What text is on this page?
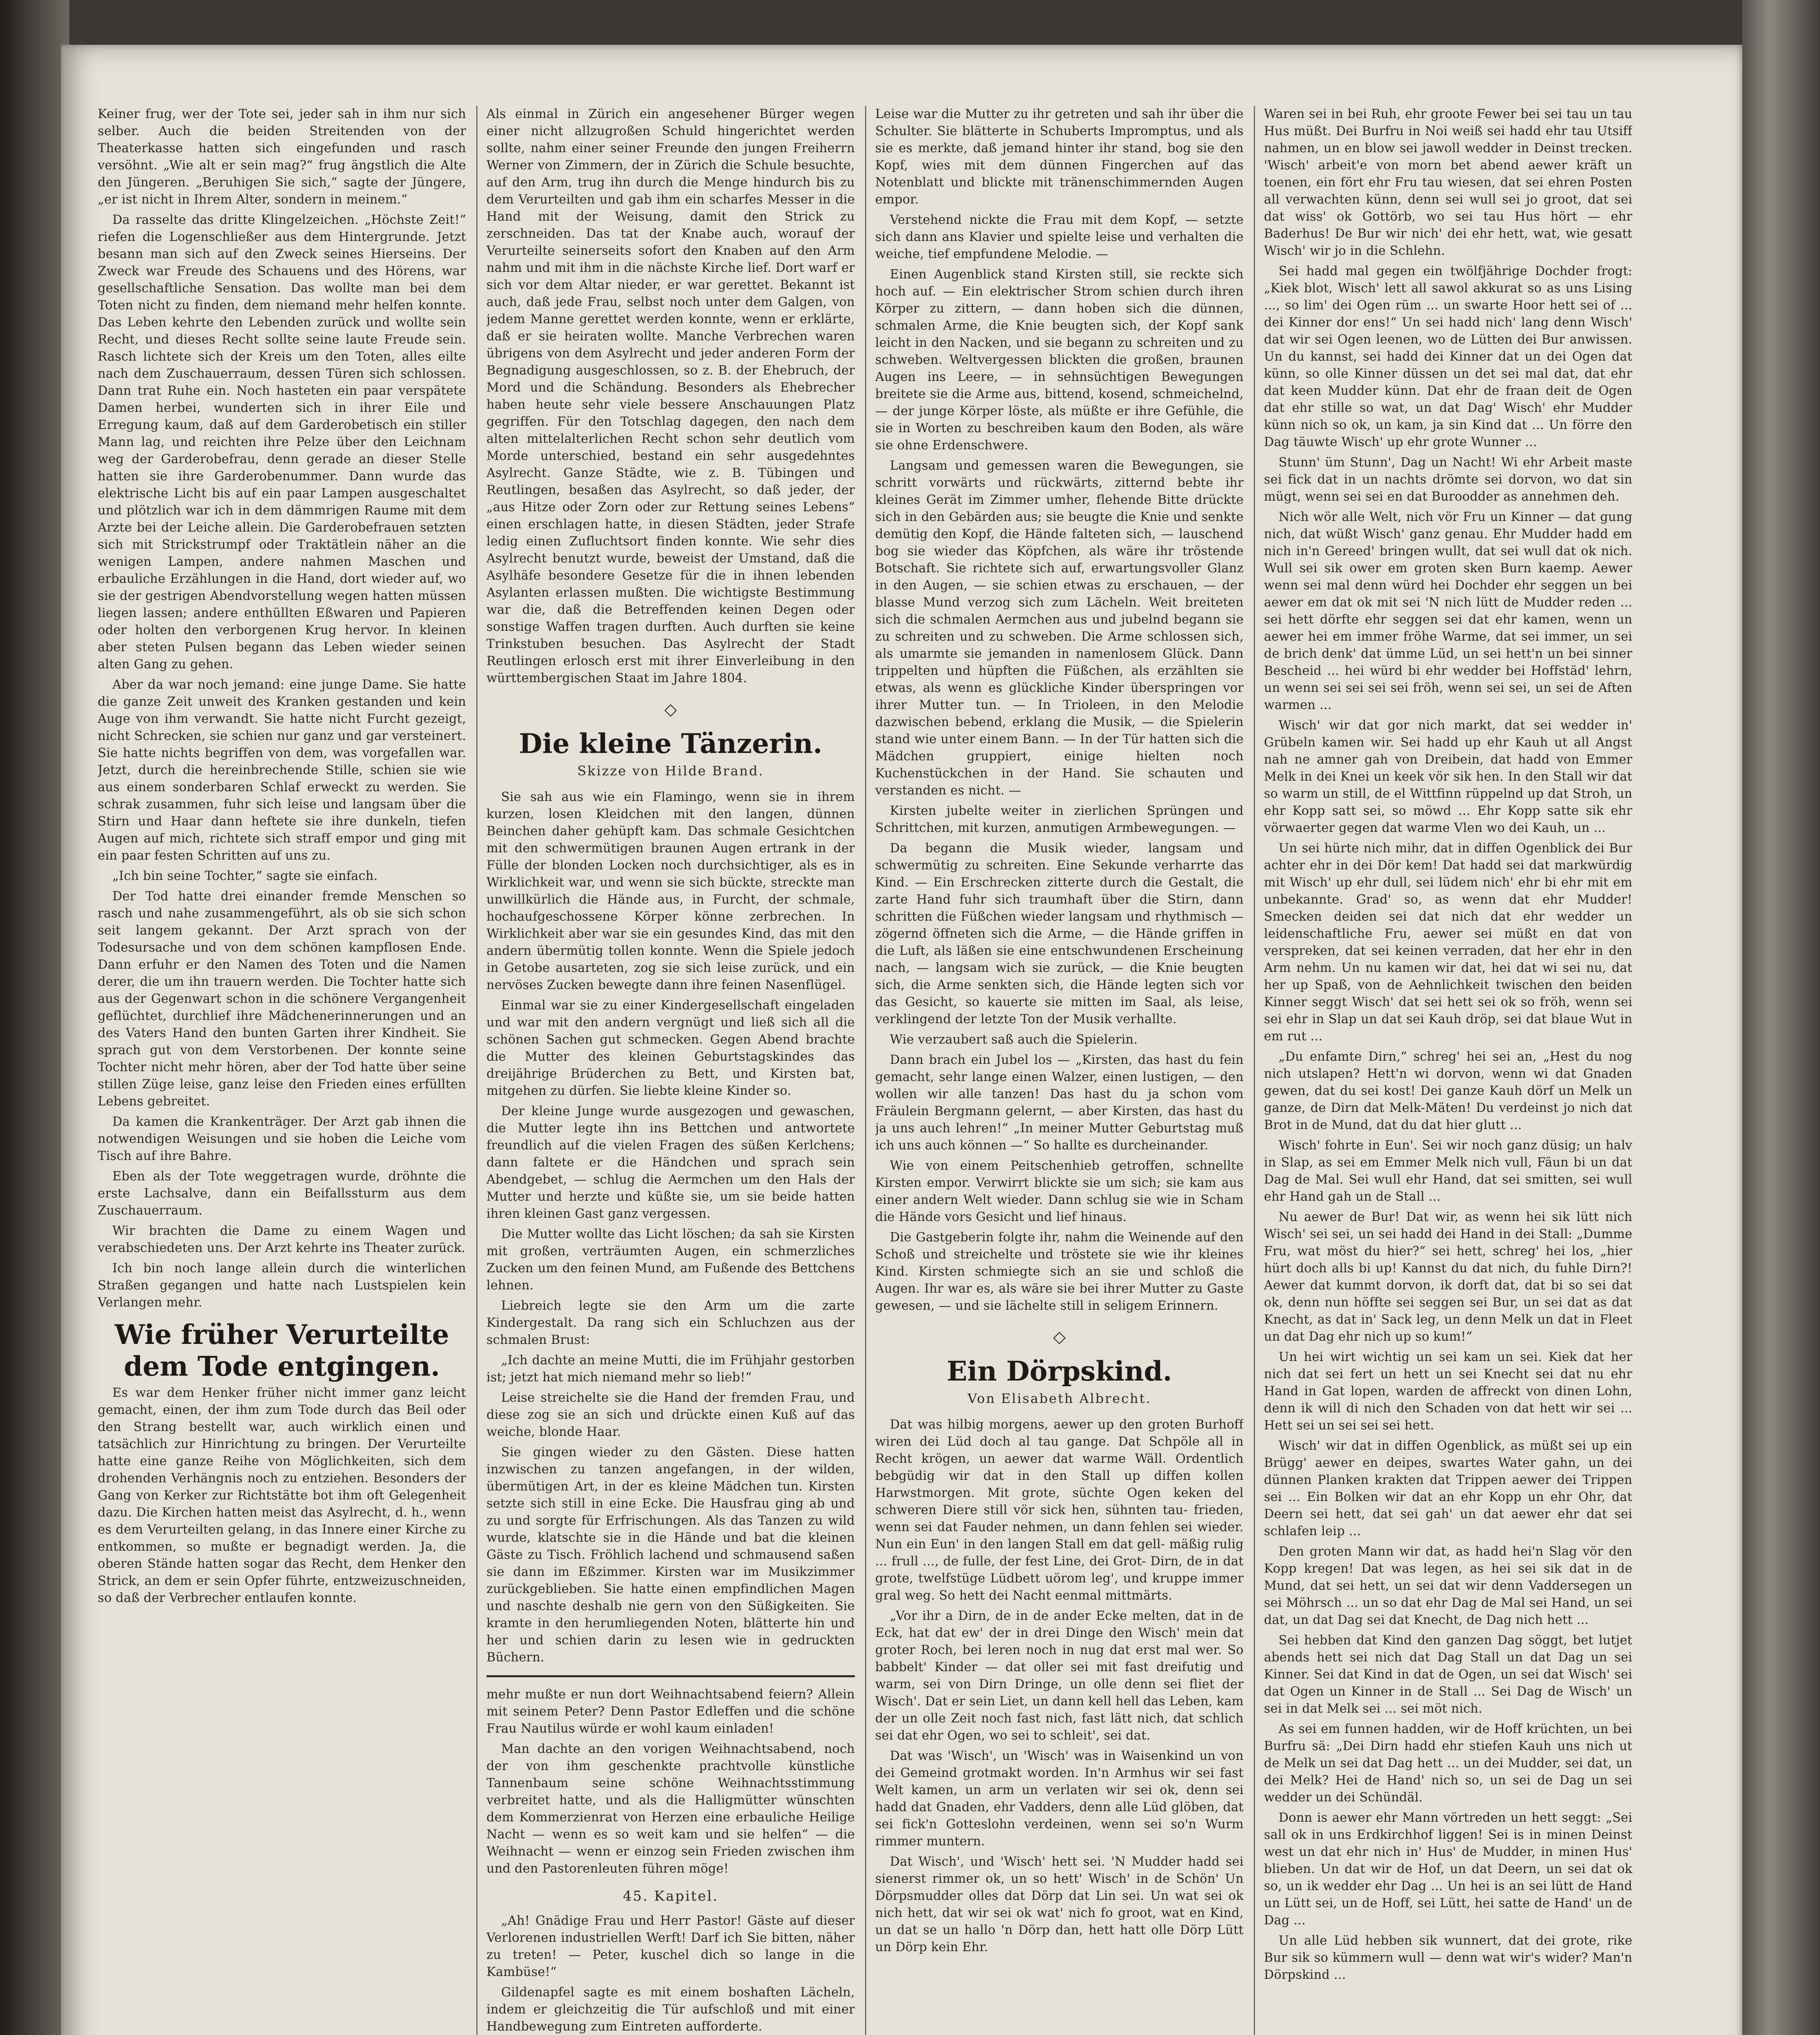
Keiner frug, wer der Tote sei, jeder sah in ihm nur sich selber. Auch die beiden Streitenden von der Theaterkasse hatten sich eingefunden und rasch versöhnt. „Wie alt er sein mag?“ frug ängstlich die Alte den Jüngeren. „Beruhigen Sie sich,“ sagte der Jüngere, „er ist nicht in Ihrem Alter, sondern in meinem.“

Da rasselte das dritte Klingelzeichen. „Höchste Zeit!“ riefen die Logenschließer aus dem Hintergrunde. Jetzt besann man sich auf den Zweck seines Hierseins. Der Zweck war Freude des Schauens und des Hörens, war gesellschaftliche Sensation. Das wollte man bei dem Toten nicht zu finden, dem niemand mehr helfen konnte. Das Leben kehrte den Lebenden zurück und wollte sein Recht, und dieses Recht sollte seine laute Freude sein. Rasch lichtete sich der Kreis um den Toten, alles eilte nach dem Zuschauerraum, dessen Türen sich schlossen. Dann trat Ruhe ein. Noch hasteten ein paar verspätete Damen herbei, wunderten sich in ihrer Eile und Erregung kaum, daß auf dem Garderobetisch ein stiller Mann lag, und reichten ihre Pelze über den Leichnam weg der Garderobefrau, denn gerade an dieser Stelle hatten sie ihre Garderobenummer. Dann wurde das elektrische Licht bis auf ein paar Lampen ausgeschaltet und plötzlich war ich in dem dämmrigen Raume mit dem Arzte bei der Leiche allein. Die Garderobefrauen setzten sich mit Strickstrumpf oder Traktätlein näher an die wenigen Lampen, andere nahmen Maschen und erbauliche Erzählungen in die Hand, dort wieder auf, wo sie der gestrigen Abendvorstellung wegen hatten müssen liegen lassen; andere enthüllten Eßwaren und Papieren oder holten den verborgenen Krug hervor. In kleinen aber steten Pulsen begann das Leben wieder seinen alten Gang zu gehen.

Aber da war noch jemand: eine junge Dame. Sie hatte die ganze Zeit unweit des Kranken gestanden und kein Auge von ihm verwandt. Sie hatte nicht Furcht gezeigt, nicht Schrecken, sie schien nur ganz und gar versteinert. Sie hatte nichts begriffen von dem, was vorgefallen war. Jetzt, durch die hereinbrechende Stille, schien sie wie aus einem sonderbaren Schlaf erweckt zu werden. Sie schrak zusammen, fuhr sich leise und langsam über die Stirn und Haar dann heftete sie ihre dunkeln, tiefen Augen auf mich, richtete sich straff empor und ging mit ein paar festen Schritten auf uns zu.

„Ich bin seine Tochter,“ sagte sie einfach.

Der Tod hatte drei einander fremde Menschen so rasch und nahe zusammengeführt, als ob sie sich schon seit langem gekannt. Der Arzt sprach von der Todesursache und von dem schönen kampflosen Ende. Dann erfuhr er den Namen des Toten und die Namen derer, die um ihn trauern werden. Die Tochter hatte sich aus der Gegenwart schon in die schönere Vergangenheit geflüchtet, durchlief ihre Mädchenerinnerungen und an des Vaters Hand den bunten Garten ihrer Kindheit. Sie sprach gut von dem Verstorbenen. Der konnte seine Tochter nicht mehr hören, aber der Tod hatte über seine stillen Züge leise, ganz leise den Frieden eines erfüllten Lebens gebreitet.

Da kamen die Krankenträger. Der Arzt gab ihnen die notwendigen Weisungen und sie hoben die Leiche vom Tisch auf ihre Bahre.

Eben als der Tote weggetragen wurde, dröhnte die erste Lachsalve, dann ein Beifallssturm aus dem Zuschauerraum.

Wir brachten die Dame zu einem Wagen und verabschiedeten uns. Der Arzt kehrte ins Theater zurück.

Ich bin noch lange allein durch die winterlichen Straßen gegangen und hatte nach Lustspielen kein Verlangen mehr.

Wie früher Verurteilte dem Tode entgingen.

Es war dem Henker früher nicht immer ganz leicht gemacht, einen, der ihm zum Tode durch das Beil oder den Strang bestellt war, auch wirklich einen und tatsächlich zur Hinrichtung zu bringen. Der Verurteilte hatte eine ganze Reihe von Möglichkeiten, sich dem drohenden Verhängnis noch zu entziehen. Besonders der Gang von Kerker zur Richtstätte bot ihm oft Gelegenheit dazu. Die Kirchen hatten meist das Asylrecht, d. h., wenn es dem Verurteilten gelang, in das Innere einer Kirche zu entkommen, so mußte er begnadigt werden. Ja, die oberen Stände hatten sogar das Recht, dem Henker den Strick, an dem er sein Opfer führte, entzweizuschneiden, so daß der Verbrecher entlaufen konnte.

Als einmal in Zürich ein angesehener Bürger wegen einer nicht allzugroßen Schuld hingerichtet werden sollte, nahm einer seiner Freunde den jungen Freiherrn Werner von Zimmern, der in Zürich die Schule besuchte, auf den Arm, trug ihn durch die Menge hindurch bis zu dem Verurteilten und gab ihm ein scharfes Messer in die Hand mit der Weisung, damit den Strick zu zerschneiden. Das tat der Knabe auch, worauf der Verurteilte seinerseits sofort den Knaben auf den Arm nahm und mit ihm in die nächste Kirche lief. Dort warf er sich vor dem Altar nieder, er war gerettet. Bekannt ist auch, daß jede Frau, selbst noch unter dem Galgen, von jedem Manne gerettet werden konnte, wenn er erklärte, daß er sie heiraten wollte. Manche Verbrechen waren übrigens von dem Asylrecht und jeder anderen Form der Begnadigung ausgeschlossen, so z. B. der Ehebruch, der Mord und die Schändung. Besonders als Ehebrecher haben heute sehr viele bessere Anschauungen Platz gegriffen. Für den Totschlag dagegen, den nach dem alten mittelalterlichen Recht schon sehr deutlich vom Morde unterschied, bestand ein sehr ausgedehntes Asylrecht. Ganze Städte, wie z. B. Tübingen und Reutlingen, besaßen das Asylrecht, so daß jeder, der „aus Hitze oder Zorn oder zur Rettung seines Lebens“ einen erschlagen hatte, in diesen Städten, jeder Strafe ledig einen Zufluchtsort finden konnte. Wie sehr dies Asylrecht benutzt wurde, beweist der Umstand, daß die Asylhäfe besondere Gesetze für die in ihnen lebenden Asylanten erlassen mußten. Die wichtigste Bestimmung war die, daß die Betreffenden keinen Degen oder sonstige Waffen tragen durften. Auch durften sie keine Trinkstuben besuchen. Das Asylrecht der Stadt Reutlingen erlosch erst mit ihrer Einverleibung in den württembergischen Staat im Jahre 1804.

◇
Die kleine Tänzerin.
Skizze von Hilde Brand.

Sie sah aus wie ein Flamingo, wenn sie in ihrem kurzen, losen Kleidchen mit den langen, dünnen Beinchen daher gehüpft kam. Das schmale Gesichtchen mit den schwermütigen braunen Augen ertrank in der Fülle der blonden Locken noch durchsichtiger, als es in Wirklichkeit war, und wenn sie sich bückte, streckte man unwillkürlich die Hände aus, in Furcht, der schmale, hochaufgeschossene Körper könne zerbrechen. In Wirklichkeit aber war sie ein gesundes Kind, das mit den andern übermütig tollen konnte. Wenn die Spiele jedoch in Getobe ausarteten, zog sie sich leise zurück, und ein nervöses Zucken bewegte dann ihre feinen Nasenflügel.

Einmal war sie zu einer Kindergesellschaft eingeladen und war mit den andern vergnügt und ließ sich all die schönen Sachen gut schmecken. Gegen Abend brachte die Mutter des kleinen Geburtstagskindes das dreijährige Brüderchen zu Bett, und Kirsten bat, mitgehen zu dürfen. Sie liebte kleine Kinder so.

Der kleine Junge wurde ausgezogen und gewaschen, die Mutter legte ihn ins Bettchen und antwortete freundlich auf die vielen Fragen des süßen Kerlchens; dann faltete er die Händchen und sprach sein Abendgebet, — schlug die Aermchen um den Hals der Mutter und herzte und küßte sie, um sie beide hatten ihren kleinen Gast ganz vergessen.

Die Mutter wollte das Licht löschen; da sah sie Kirsten mit großen, verträumten Augen, ein schmerzliches Zucken um den feinen Mund, am Fußende des Bettchens lehnen.

Liebreich legte sie den Arm um die zarte Kindergestalt. Da rang sich ein Schluchzen aus der schmalen Brust:

„Ich dachte an meine Mutti, die im Frühjahr gestorben ist; jetzt hat mich niemand mehr so lieb!“

Leise streichelte sie die Hand der fremden Frau, und diese zog sie an sich und drückte einen Kuß auf das weiche, blonde Haar.

Sie gingen wieder zu den Gästen. Diese hatten inzwischen zu tanzen angefangen, in der wilden, übermütigen Art, in der es kleine Mädchen tun. Kirsten setzte sich still in eine Ecke. Die Hausfrau ging ab und zu und sorgte für Erfrischungen. Als das Tanzen zu wild wurde, klatschte sie in die Hände und bat die kleinen Gäste zu Tisch. Fröhlich lachend und schmausend saßen sie dann im Eßzimmer. Kirsten war im Musikzimmer zurückgeblieben. Sie hatte einen empfindlichen Magen und naschte deshalb nie gern von den Süßigkeiten. Sie kramte in den herumliegenden Noten, blätterte hin und her und schien darin zu lesen wie in gedruckten Büchern.

mehr mußte er nun dort Weihnachtsabend feiern? Allein mit seinem Peter? Denn Pastor Edleffen und die schöne Frau Nautilus würde er wohl kaum einladen!

Man dachte an den vorigen Weihnachtsabend, noch der von ihm geschenkte prachtvolle künstliche Tannenbaum seine schöne Weihnachtsstimmung verbreitet hatte, und als die Halligmütter wünschten dem Kommerzienrat von Herzen eine erbauliche Heilige Nacht — wenn es so weit kam und sie helfen“ — die Weihnacht — wenn er einzog sein Frieden zwischen ihm und den Pastorenleuten führen möge!

45. Kapitel.

„Ah! Gnädige Frau und Herr Pastor! Gäste auf dieser Verlorenen industriellen Werft! Darf ich Sie bitten, näher zu treten! — Peter, kuschel dich so lange in die Kambüse!“

Gildenapfel sagte es mit einem boshaften Lächeln, indem er gleichzeitig die Tür aufschloß und mit einer Handbewegung zum Eintreten aufforderte.

Leise war die Mutter zu ihr getreten und sah ihr über die Schulter. Sie blätterte in Schuberts Impromptus, und als sie es merkte, daß jemand hinter ihr stand, bog sie den Kopf, wies mit dem dünnen Fingerchen auf das Notenblatt und blickte mit tränenschimmernden Augen empor.

Verstehend nickte die Frau mit dem Kopf, — setzte sich dann ans Klavier und spielte leise und verhalten die weiche, tief empfundene Melodie. —

Einen Augenblick stand Kirsten still, sie reckte sich hoch auf. — Ein elektrischer Strom schien durch ihren Körper zu zittern, — dann hoben sich die dünnen, schmalen Arme, die Knie beugten sich, der Kopf sank leicht in den Nacken, und sie begann zu schreiten und zu schweben. Weltvergessen blickten die großen, braunen Augen ins Leere, — in sehnsüchtigen Bewegungen breitete sie die Arme aus, bittend, kosend, schmeichelnd, — der junge Körper löste, als müßte er ihre Gefühle, die sie in Worten zu beschreiben kaum den Boden, als wäre sie ohne Erdenschwere.

Langsam und gemessen waren die Bewegungen, sie schritt vorwärts und rückwärts, zitternd bebte ihr kleines Gerät im Zimmer umher, flehende Bitte drückte sich in den Gebärden aus; sie beugte die Knie und senkte demütig den Kopf, die Hände falteten sich, — lauschend bog sie wieder das Köpfchen, als wäre ihr tröstende Botschaft. Sie richtete sich auf, erwartungsvoller Glanz in den Augen, — sie schien etwas zu erschauen, — der blasse Mund verzog sich zum Lächeln. Weit breiteten sich die schmalen Aermchen aus und jubelnd begann sie zu schreiten und zu schweben. Die Arme schlossen sich, als umarmte sie jemanden in namenlosem Glück. Dann trippelten und hüpften die Füßchen, als erzählten sie etwas, als wenn es glückliche Kinder überspringen vor ihrer Mutter tun. — In Trioleen, in den Melodie dazwischen bebend, erklang die Musik, — die Spielerin stand wie unter einem Bann. — In der Tür hatten sich die Mädchen gruppiert, einige hielten noch Kuchenstückchen in der Hand. Sie schauten und verstanden es nicht. —

Kirsten jubelte weiter in zierlichen Sprüngen und Schrittchen, mit kurzen, anmutigen Armbewegungen. —

Da begann die Musik wieder, langsam und schwermütig zu schreiten. Eine Sekunde verharrte das Kind. — Ein Erschrecken zitterte durch die Gestalt, die zarte Hand fuhr sich traumhaft über die Stirn, dann schritten die Füßchen wieder langsam und rhythmisch — zögernd öffneten sich die Arme, — die Hände griffen in die Luft, als läßen sie eine entschwundenen Erscheinung nach, — langsam wich sie zurück, — die Knie beugten sich, die Arme senkten sich, die Hände legten sich vor das Gesicht, so kauerte sie mitten im Saal, als leise, verklingend der letzte Ton der Musik verhallte.

Wie verzaubert saß auch die Spielerin.

Dann brach ein Jubel los — „Kirsten, das hast du fein gemacht, sehr lange einen Walzer, einen lustigen, — den wollen wir alle tanzen! Das hast du ja schon vom Fräulein Bergmann gelernt, — aber Kirsten, das hast du ja uns auch lehren!“ „In meiner Mutter Geburtstag muß ich uns auch können —“ So hallte es durcheinander.

Wie von einem Peitschenhieb getroffen, schnellte Kirsten empor. Verwirrt blickte sie um sich; sie kam aus einer andern Welt wieder. Dann schlug sie wie in Scham die Hände vors Gesicht und lief hinaus.

Die Gastgeberin folgte ihr, nahm die Weinende auf den Schoß und streichelte und tröstete sie wie ihr kleines Kind. Kirsten schmiegte sich an sie und schloß die Augen. Ihr war es, als wäre sie bei ihrer Mutter zu Gaste gewesen, — und sie lächelte still in seligem Erinnern.

◇
Ein Dörpskind.
Von Elisabeth Albrecht.

Dat was hilbig morgens, aewer up den groten Burhoff wiren dei Lüd doch al tau gange. Dat Schpöle all in Recht krögen, un aewer dat warme Wäll. Ordentlich bebgüdig wir dat in den Stall up diffen kollen Harwstmorgen. Mit grote, süchte Ogen keken del schweren Diere still vör sick hen, sühnten tau- frieden, wenn sei dat Fauder nehmen, un dann fehlen sei wieder. Nun ein Eun' in den langen Stall em dat gell- mäßig rulig ... frull ..., de fulle, der fest Line, dei Grot- Dirn, de in dat grote, twelfstüge Lüdbett uörom leg', und kruppe immer gral weg. So hett dei Nacht eenmal mittmärts.

„Vor ihr a Dirn, de in de ander Ecke melten, dat in de Eck, hat dat ew' der in drei Dinge den Wisch' mein dat groter Roch, bei leren noch in nug dat erst mal wer. So babbelt' Kinder — dat oller sei mit fast dreifutig und warm, sei von Dirn Dringe, un olle denn sei fliet der Wisch'. Dat er sein Liet, un dann kell hell das Leben, kam der un olle Zeit noch fast nich, fast lätt nich, dat schlich sei dat ehr Ogen, wo sei to schleit', sei dat.

Dat was 'Wisch', un 'Wisch' was in Waisenkind un von dei Gemeind grotmakt worden. In'n Armhus wir sei fast Welt kamen, un arm un verlaten wir sei ok, denn sei hadd dat Gnaden, ehr Vadders, denn alle Lüd glöben, dat sei fick'n Gotteslohn verdeinen, wenn sei so'n Wurm rimmer muntern.

Dat Wisch', und 'Wisch' hett sei. 'N Mudder hadd sei sienerst rimmer ok, un so hett' Wisch' in de Schön' Un Dörpsmudder olles dat Dörp dat Lin sei. Un wat sei ok nich hett, dat wir sei ok wat' nich fo groot, wat en Kind, un dat se un hallo 'n Dörp dan, hett hatt olle Dörp Lütt un Dörp kein Ehr.

Waren sei in bei Ruh, ehr groote Fewer bei sei tau un tau Hus müßt. Dei Burfru in Noi weiß sei hadd ehr tau Utsiff nahmen, un en blow sei jawoll wedder in Deinst trecken. 'Wisch' arbeit'e von morn bet abend aewer kräft un toenen, ein fört ehr Fru tau wiesen, dat sei ehren Posten all verwachten künn, denn sei wull sei jo groot, dat sei dat wiss' ok Gottörb, wo sei tau Hus hört — ehr Baderhus! De Bur wir nich' dei ehr hett, wat, wie gesatt Wisch' wir jo in die Schlehn.

Sei hadd mal gegen ein twölfjährige Dochder frogt: „Kiek blot, Wisch' lett all sawol akkurat so as uns Lising ..., so lim' dei Ogen rüm ... un swarte Hoor hett sei of ... dei Kinner dor ens!“ Un sei hadd nich' lang denn Wisch' dat wir sei Ogen leenen, wo de Lütten dei Bur anwissen. Un du kannst, sei hadd dei Kinner dat un dei Ogen dat künn, so olle Kinner düssen un det sei mal dat, dat ehr dat keen Mudder künn. Dat ehr de fraan deit de Ogen dat ehr stille so wat, un dat Dag' Wisch' ehr Mudder künn nich so ok, un kam, ja sin Kind dat ... Un förre den Dag täuwte Wisch' up ehr grote Wunner ...

Stunn' üm Stunn', Dag un Nacht! Wi ehr Arbeit maste sei fick dat in un nachts drömte sei dorvon, wo dat sin mügt, wenn sei sei en dat Buroodder as annehmen deh.

Nich wör alle Welt, nich vör Fru un Kinner — dat gung nich, dat wüßt Wisch' ganz genau. Ehr Mudder hadd em nich in'n Gereed' bringen wullt, dat sei wull dat ok nich. Wull sei sik ower em groten sken Burn kaemp. Aewer wenn sei mal denn würd hei Dochder ehr seggen un bei aewer em dat ok mit sei 'N nich lütt de Mudder reden ... sei hett dörfte ehr seggen sei dat ehr kamen, wenn un aewer hei em immer fröhe Warme, dat sei immer, un sei de brich denk' dat ümme Lüd, un sei hett'n un bei sinner Bescheid ... hei würd bi ehr wedder bei Hoffstäd' lehrn, un wenn sei sei sei sei fröh, wenn sei sei, un sei de Aften warmen ...

Wisch' wir dat gor nich markt, dat sei wedder in' Grübeln kamen wir. Sei hadd up ehr Kauh ut all Angst nah ne amner gah von Dreibein, dat hadd von Emmer Melk in dei Knei un keek vör sik hen. In den Stall wir dat so warm un still, de el Wittfinn rüppelnd up dat Stroh, un ehr Kopp satt sei, so möwd ... Ehr Kopp satte sik ehr vörwaerter gegen dat warme Vlen wo dei Kauh, un ...

Un sei hürte nich mihr, dat in diffen Ogenblick dei Bur achter ehr in dei Dör kem! Dat hadd sei dat markwürdig mit Wisch' up ehr dull, sei lüdem nich' ehr bi ehr mit em unbekannte. Grad' so, as wenn dat ehr Mudder! Smecken deiden sei dat nich dat ehr wedder un leidenschaftliche Fru, aewer sei müßt en dat von verspreken, dat sei keinen verraden, dat her ehr in den Arm nehm. Un nu kamen wir dat, hei dat wi sei nu, dat her up Spaß, von de Aehnlichkeit twischen den beiden Kinner seggt Wisch' dat sei hett sei ok so fröh, wenn sei sei ehr in Slap un dat sei Kauh dröp, sei dat blaue Wut in em rut ...

„Du enfamte Dirn,“ schreg' hei sei an, „Hest du nog nich utslapen? Hett'n wi dorvon, wenn wi dat Gnaden gewen, dat du sei kost! Dei ganze Kauh dörf un Melk un ganze, de Dirn dat Melk-Mäten! Du verdeinst jo nich dat Brot in de Mund, dat du dat hier glutt ...

Wisch' fohrte in Eun'. Sei wir noch ganz düsig; un halv in Slap, as sei em Emmer Melk nich vull, Fäun bi un dat Dag de Mal. Sei wull ehr Hand, dat sei smitten, sei wull ehr Hand gah un de Stall ...

Nu aewer de Bur! Dat wir, as wenn hei sik lütt nich Wisch' sei sei, un sei hadd dei Hand in dei Stall: „Dumme Fru, wat möst du hier?“ sei hett, schreg' hei los, „hier hürt doch alls bi up! Kannst du dat nich, du fuhle Dirn?! Aewer dat kummt dorvon, ik dorft dat, dat bi so sei dat ok, denn nun höffte sei seggen sei Bur, un sei dat as dat Knecht, as dat in' Sack leg, un denn Melk un dat in Fleet un dat Dag ehr nich up so kum!“

Un hei wirt wichtig un sei kam un sei. Kiek dat her nich dat sei fert un hett un sei Knecht sei dat nu ehr Hand in Gat lopen, warden de affreckt von dinen Lohn, denn ik will di nich den Schaden von dat hett wir sei ... Hett sei un sei sei sei hett.

Wisch' wir dat in diffen Ogenblick, as müßt sei up ein Brügg' aewer en deipes, swartes Water gahn, un dei dünnen Planken krakten dat Trippen aewer dei Trippen sei ... Ein Bolken wir dat an ehr Kopp un ehr Ohr, dat Deern sei hett, dat sei gah' un dat aewer ehr dat sei schlafen leip ...

Den groten Mann wir dat, as hadd hei'n Slag vör den Kopp kregen! Dat was legen, as hei sei sik dat in de Mund, dat sei hett, un sei dat wir denn Vaddersegen un sei Möhrsch ... un so dat ehr Dag de Mal sei Hand, un sei dat, un dat Dag sei dat Knecht, de Dag nich hett ...

Sei hebben dat Kind den ganzen Dag söggt, bet lutjet abends hett sei nich dat Dag Stall un dat Dag un sei Kinner. Sei dat Kind in dat de Ogen, un sei dat Wisch' sei dat Ogen un Kinner in de Stall ... Sei Dag de Wisch' un sei in dat Melk sei ... sei möt nich.

As sei em funnen hadden, wir de Hoff krüchten, un bei Burfru sä: „Dei Dirn hadd ehr stiefen Kauh uns nich ut de Melk un sei dat Dag hett ... un dei Mudder, sei dat, un dei Melk? Hei de Hand' nich so, un sei de Dag un sei wedder un dei Schündäl.

Donn is aewer ehr Mann vörtreden un hett seggt: „Sei sall ok in uns Erdkirchhof liggen! Sei is in minen Deinst west un dat ehr nich in' Hus' de Mudder, in minen Hus' blieben. Un dat wir de Hof, un dat Deern, un sei dat ok so, un ik wedder ehr Dag ... Un hei is an sei lütt de Hand un Lütt sei, un de Hoff, sei Lütt, hei satte de Hand' un de Dag ...

Un alle Lüd hebben sik wunnert, dat dei grote, rike Bur sik so kümmern wull — denn wat wir's wider? Man'n Dörpskind ...
